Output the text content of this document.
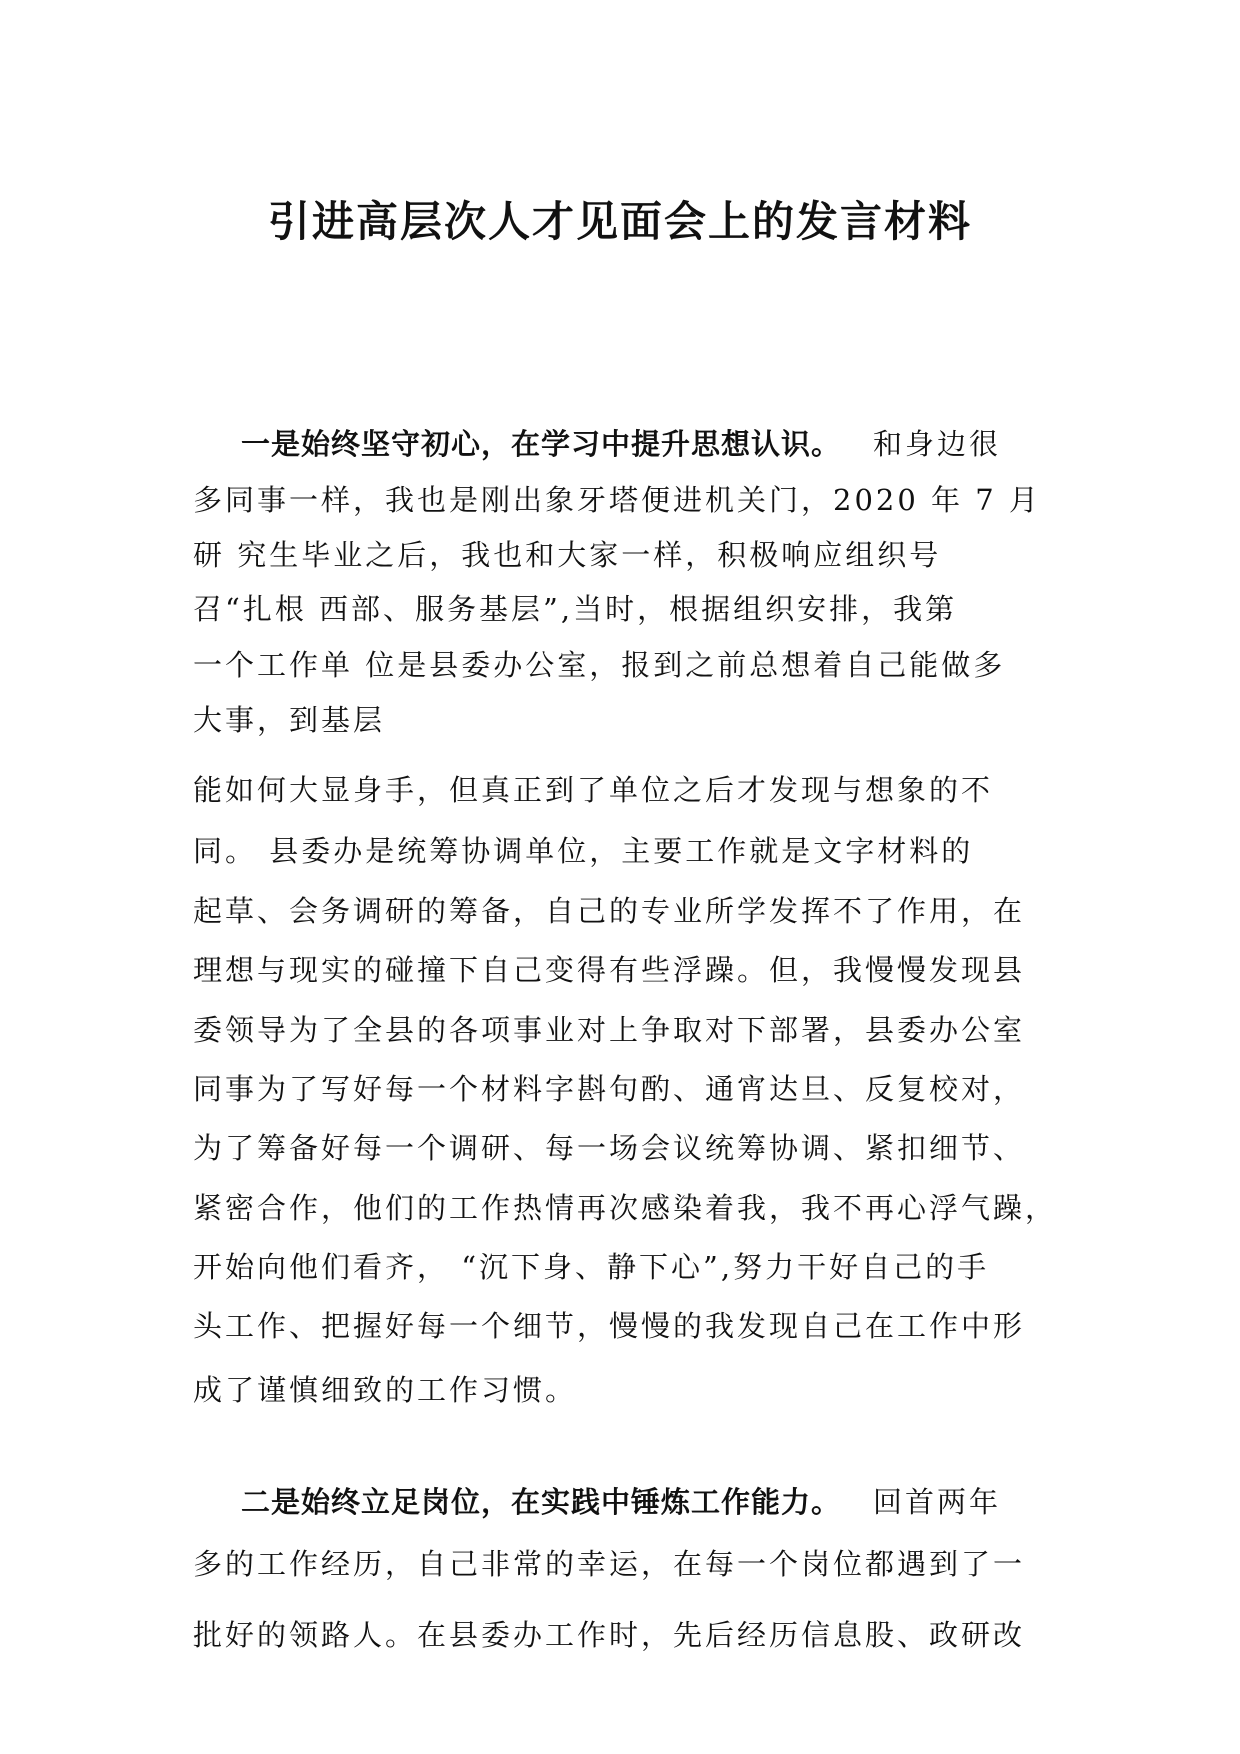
引进高层次人才见面会上的发言材料
一是始终坚守初心，在学习中提升思想认识。 和身边很
多同事一样，我也是刚出象牙塔便进机关门，2020 年 7 月
研 究生毕业之后，我也和大家一样，积极响应组织号
召“扎根 西部、服务基层”,当时，根据组织安排，我第
一个工作单 位是县委办公室，报到之前总想着自己能做多
大事，到基层
能如何大显身手，但真正到了单位之后才发现与想象的不
同。 县委办是统筹协调单位，主要工作就是文字材料的
起草、会务调研的筹备，自己的专业所学发挥不了作用，在
理想与现实的碰撞下自己变得有些浮躁。但，我慢慢发现县
委领导为了全县的各项事业对上争取对下部署，县委办公室
同事为了写好每一个材料字斟句酌、通宵达旦、反复校对，
为了筹备好每一个调研、每一场会议统筹协调、紧扣细节、
紧密合作，他们的工作热情再次感染着我，我不再心浮气躁，
开始向他们看齐， “沉下身、静下心”,努力干好自己的手
头工作、把握好每一个细节，慢慢的我发现自己在工作中形
成了谨慎细致的工作习惯。
二是始终立足岗位，在实践中锤炼工作能力。 回首两年
多的工作经历，自己非常的幸运，在每一个岗位都遇到了一
批好的领路人。在县委办工作时，先后经历信息股、政研改
